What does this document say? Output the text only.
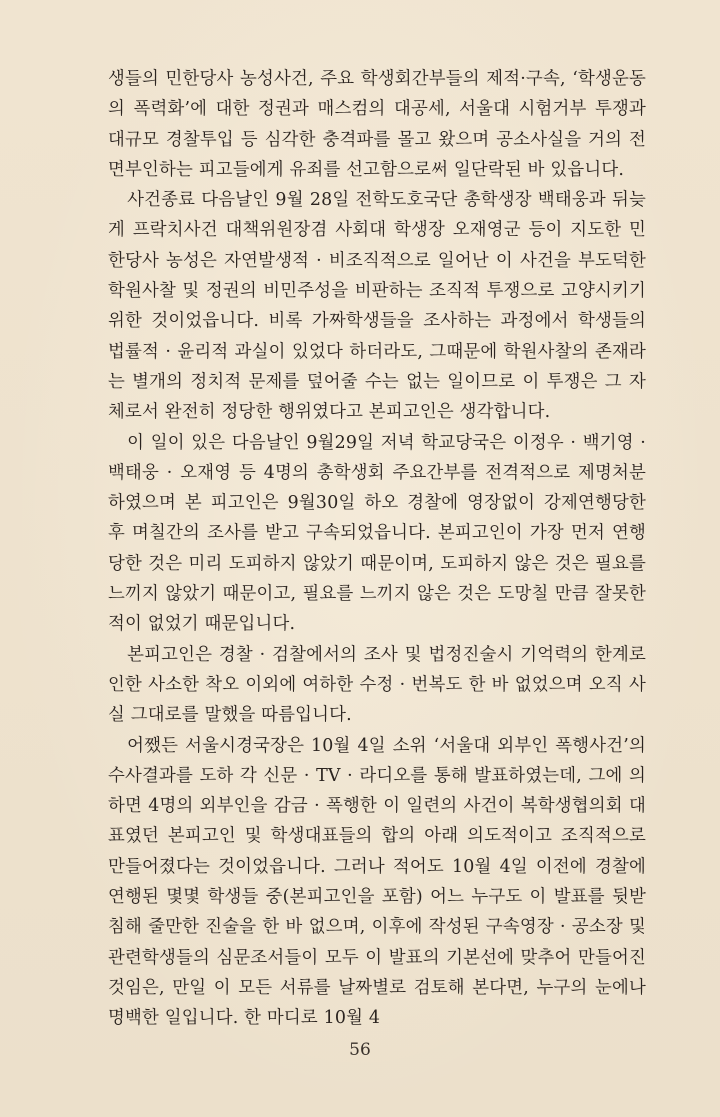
생들의 민한당사 농성사건, 주요 학생회간부들의 제적·구속, ‘학생운동의 폭력화’에 대한 정권과 매스컴의 대공세, 서울대 시험거부 투쟁과 대규모 경찰투입 등 심각한 충격파를 몰고 왔으며 공소사실을 거의 전면부인하는 피고들에게 유죄를 선고함으로써 일단락된 바 있읍니다.

사건종료 다음날인 9월 28일 전학도호국단 총학생장 백태웅과 뒤늦게 프락치사건 대책위원장겸 사회대 학생장 오재영군 등이 지도한 민한당사 농성은 자연발생적 · 비조직적으로 일어난 이 사건을 부도덕한 학원사찰 및 정권의 비민주성을 비판하는 조직적 투쟁으로 고양시키기 위한 것이었읍니다. 비록 가짜학생들을 조사하는 과정에서 학생들의 법률적 · 윤리적 과실이 있었다 하더라도, 그때문에 학원사찰의 존재라는 별개의 정치적 문제를 덮어줄 수는 없는 일이므로 이 투쟁은 그 자체로서 완전히 정당한 행위였다고 본피고인은 생각합니다.

이 일이 있은 다음날인 9월29일 저녁 학교당국은 이정우 · 백기영 · 백태웅 · 오재영 등 4명의 총학생회 주요간부를 전격적으로 제명처분하였으며 본 피고인은 9월30일 하오 경찰에 영장없이 강제연행당한 후 며칠간의 조사를 받고 구속되었읍니다. 본피고인이 가장 먼저 연행당한 것은 미리 도피하지 않았기 때문이며, 도피하지 않은 것은 필요를 느끼지 않았기 때문이고, 필요를 느끼지 않은 것은 도망칠 만큼 잘못한 적이 없었기 때문입니다.

본피고인은 경찰 · 검찰에서의 조사 및 법정진술시 기억력의 한계로 인한 사소한 착오 이외에 여하한 수정 · 번복도 한 바 없었으며 오직 사실 그대로를 말했을 따름입니다.

어쨌든 서울시경국장은 10월 4일 소위 ‘서울대 외부인 폭행사건’의 수사결과를 도하 각 신문 · TV · 라디오를 통해 발표하였는데, 그에 의하면 4명의 외부인을 감금 · 폭행한 이 일련의 사건이 복학생협의회 대표였던 본피고인 및 학생대표들의 합의 아래 의도적이고 조직적으로 만들어졌다는 것이었읍니다. 그러나 적어도 10월 4일 이전에 경찰에 연행된 몇몇 학생들 중(본피고인을 포함) 어느 누구도 이 발표를 뒷받침해 줄만한 진술을 한 바 없으며, 이후에 작성된 구속영장 · 공소장 및 관련학생들의 심문조서들이 모두 이 발표의 기본선에 맞추어 만들어진 것임은, 만일 이 모든 서류를 날짜별로 검토해 본다면, 누구의 눈에나 명백한 일입니다. 한 마디로 10월 4

56
